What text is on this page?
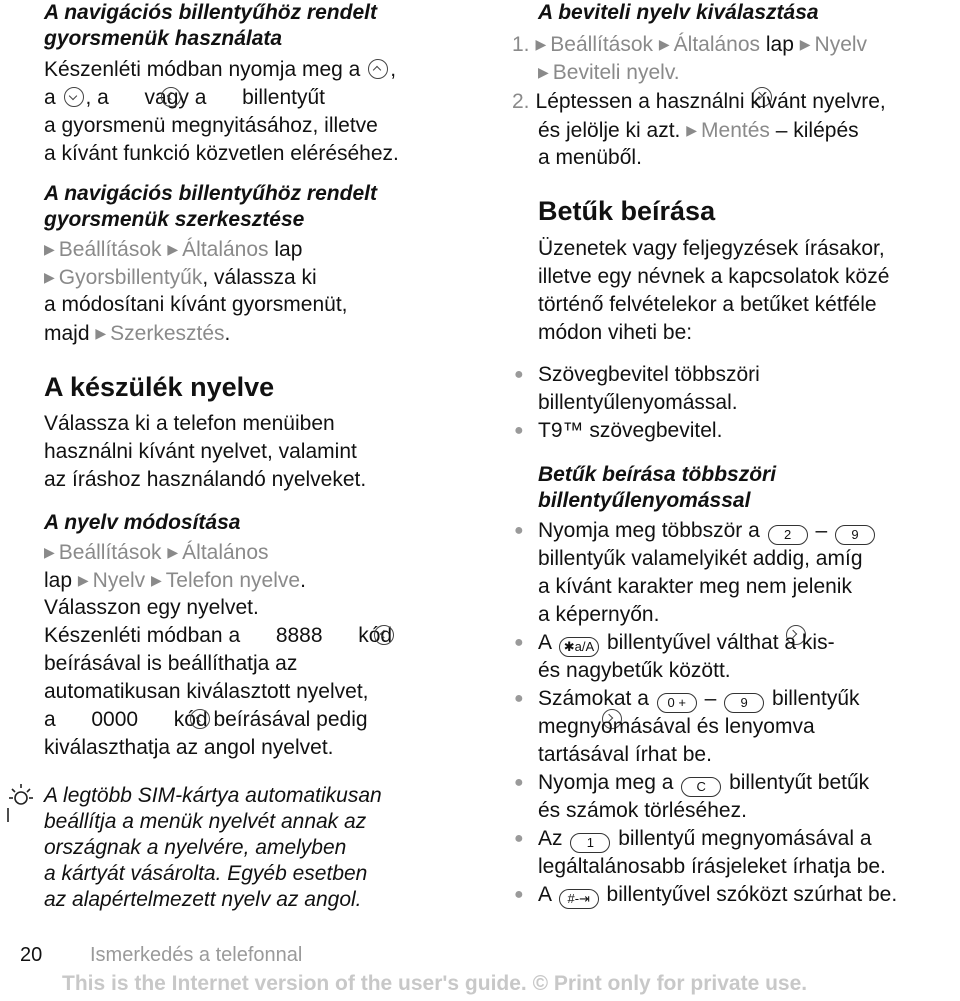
A navigációs billentyűhöz rendelt
gyorsmenük használata
Készenléti módban nyomja meg a ,
a , a  vagy a  billentyűt
a gyorsmenü megnyitásához, illetve
a kívánt funkció közvetlen eléréséhez.
A navigációs billentyűhöz rendelt
gyorsmenük szerkesztése
▶ Beállítások ▶ Általános lap
▶ Gyorsbillentyűk, válassza ki
a módosítani kívánt gyorsmenüt,
majd ▶ Szerkesztés.
A készülék nyelve
Válassza ki a telefon menüiben
használni kívánt nyelvet, valamint
az íráshoz használandó nyelveket.
A nyelv módosítása
▶ Beállítások ▶ Általános
lap ▶ Nyelv ▶ Telefon nyelve.
Válasszon egy nyelvet.
Készenléti módban a  8888  kód
beírásával is beállíthatja az
automatikusan kiválasztott nyelvet,
a  0000  kód beírásával pedig
kiválaszthatja az angol nyelvet.
A legtöbb SIM-kártya automatikusan
beállítja a menük nyelvét annak az
országnak a nyelvére, amelyben
a kártyát vásárolta. Egyéb esetben
az alapértelmezett nyelv az angol.
A beviteli nyelv kiválasztása
1. ▶ Beállítások ▶ Általános lap ▶ Nyelv
▶ Beviteli nyelv.
2. Léptessen a használni kívánt nyelvre,
és jelölje ki azt. ▶ Mentés – kilépés
a menüből.
Betűk beírása
Üzenetek vagy feljegyzések írásakor,
illetve egy névnek a kapcsolatok közé
történő felvételekor a betűket kétféle
módon viheti be:
● Szövegbevitel többszöri
billentyűlenyomással.
● T9™ szövegbevitel.
Betűk beírása többszöri
billentyűlenyomással
● Nyomja meg többször a 2 – 9
billentyűk valamelyikét addig, amíg
a kívánt karakter meg nem jelenik
a képernyőn.
● A ✱a/A billentyűvel válthat a kis-
és nagybetűk között.
● Számokat a 0 + – 9 billentyűk
megnyomásával és lenyomva
tartásával írhat be.
● Nyomja meg a C billentyűt betűk
és számok törléséhez.
● Az 1 billentyű megnyomásával a
legáltalánosabb írásjeleket írhatja be.
● A #-⇥ billentyűvel szóközt szúrhat be.
20 Ismerkedés a telefonnal
This is the Internet version of the user's guide. © Print only for private use.
